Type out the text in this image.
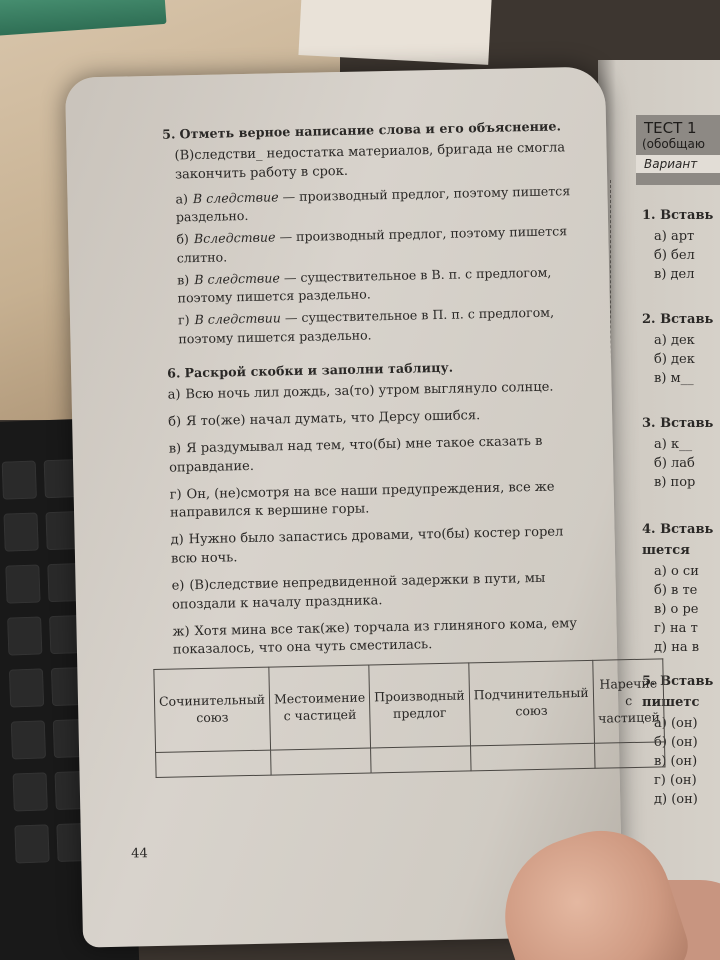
ТЕСТ 1
(обобщаю
Вариант
1. Вставь
а) арт
б) бел
в) дел
2. Вставь
а) дек
б) дек
в) м__
3. Вставь
а) к__
б) лаб
в) пор
4. Вставь
шется
а) о си
б) в те
в) о ре
г) на т
д) на в
5. Вставь
пишетс
а) (он)
б) (он)
в) (он)
г) (он)
д) (он)
5. Отметь верное написание слова и его объяснение.
(В)следстви_ недостатка материалов, бригада не смогла закончить работу в срок.
а) В следствие — производный предлог, поэтому пишется раздельно.
б) Вследствие — производный предлог, поэтому пишется слитно.
в) В следствие — существительное в В. п. с предлогом, поэтому пишется раздельно.
г) В следствии — существительное в П. п. с предлогом, поэтому пишется раздельно.
6. Раскрой скобки и заполни таблицу.
а) Всю ночь лил дождь, за(то) утром выглянуло солнце.
б) Я то(же) начал думать, что Дерсу ошибся.
в) Я раздумывал над тем, что(бы) мне такое сказать в оправдание.
г) Он, (не)смотря на все наши предупреждения, все же направился к вершине горы.
д) Нужно было запастись дровами, что(бы) костер горел всю ночь.
е) (В)следствие непредвиденной задержки в пути, мы опоздали к началу праздника.
ж) Хотя мина все так(же) торчала из глиняного кома, ему показалось, что она чуть сместилась.
Сочинительный союз	Местоимение с частицей	Производный предлог	Подчинительный союз	Наречие с частицей

44
